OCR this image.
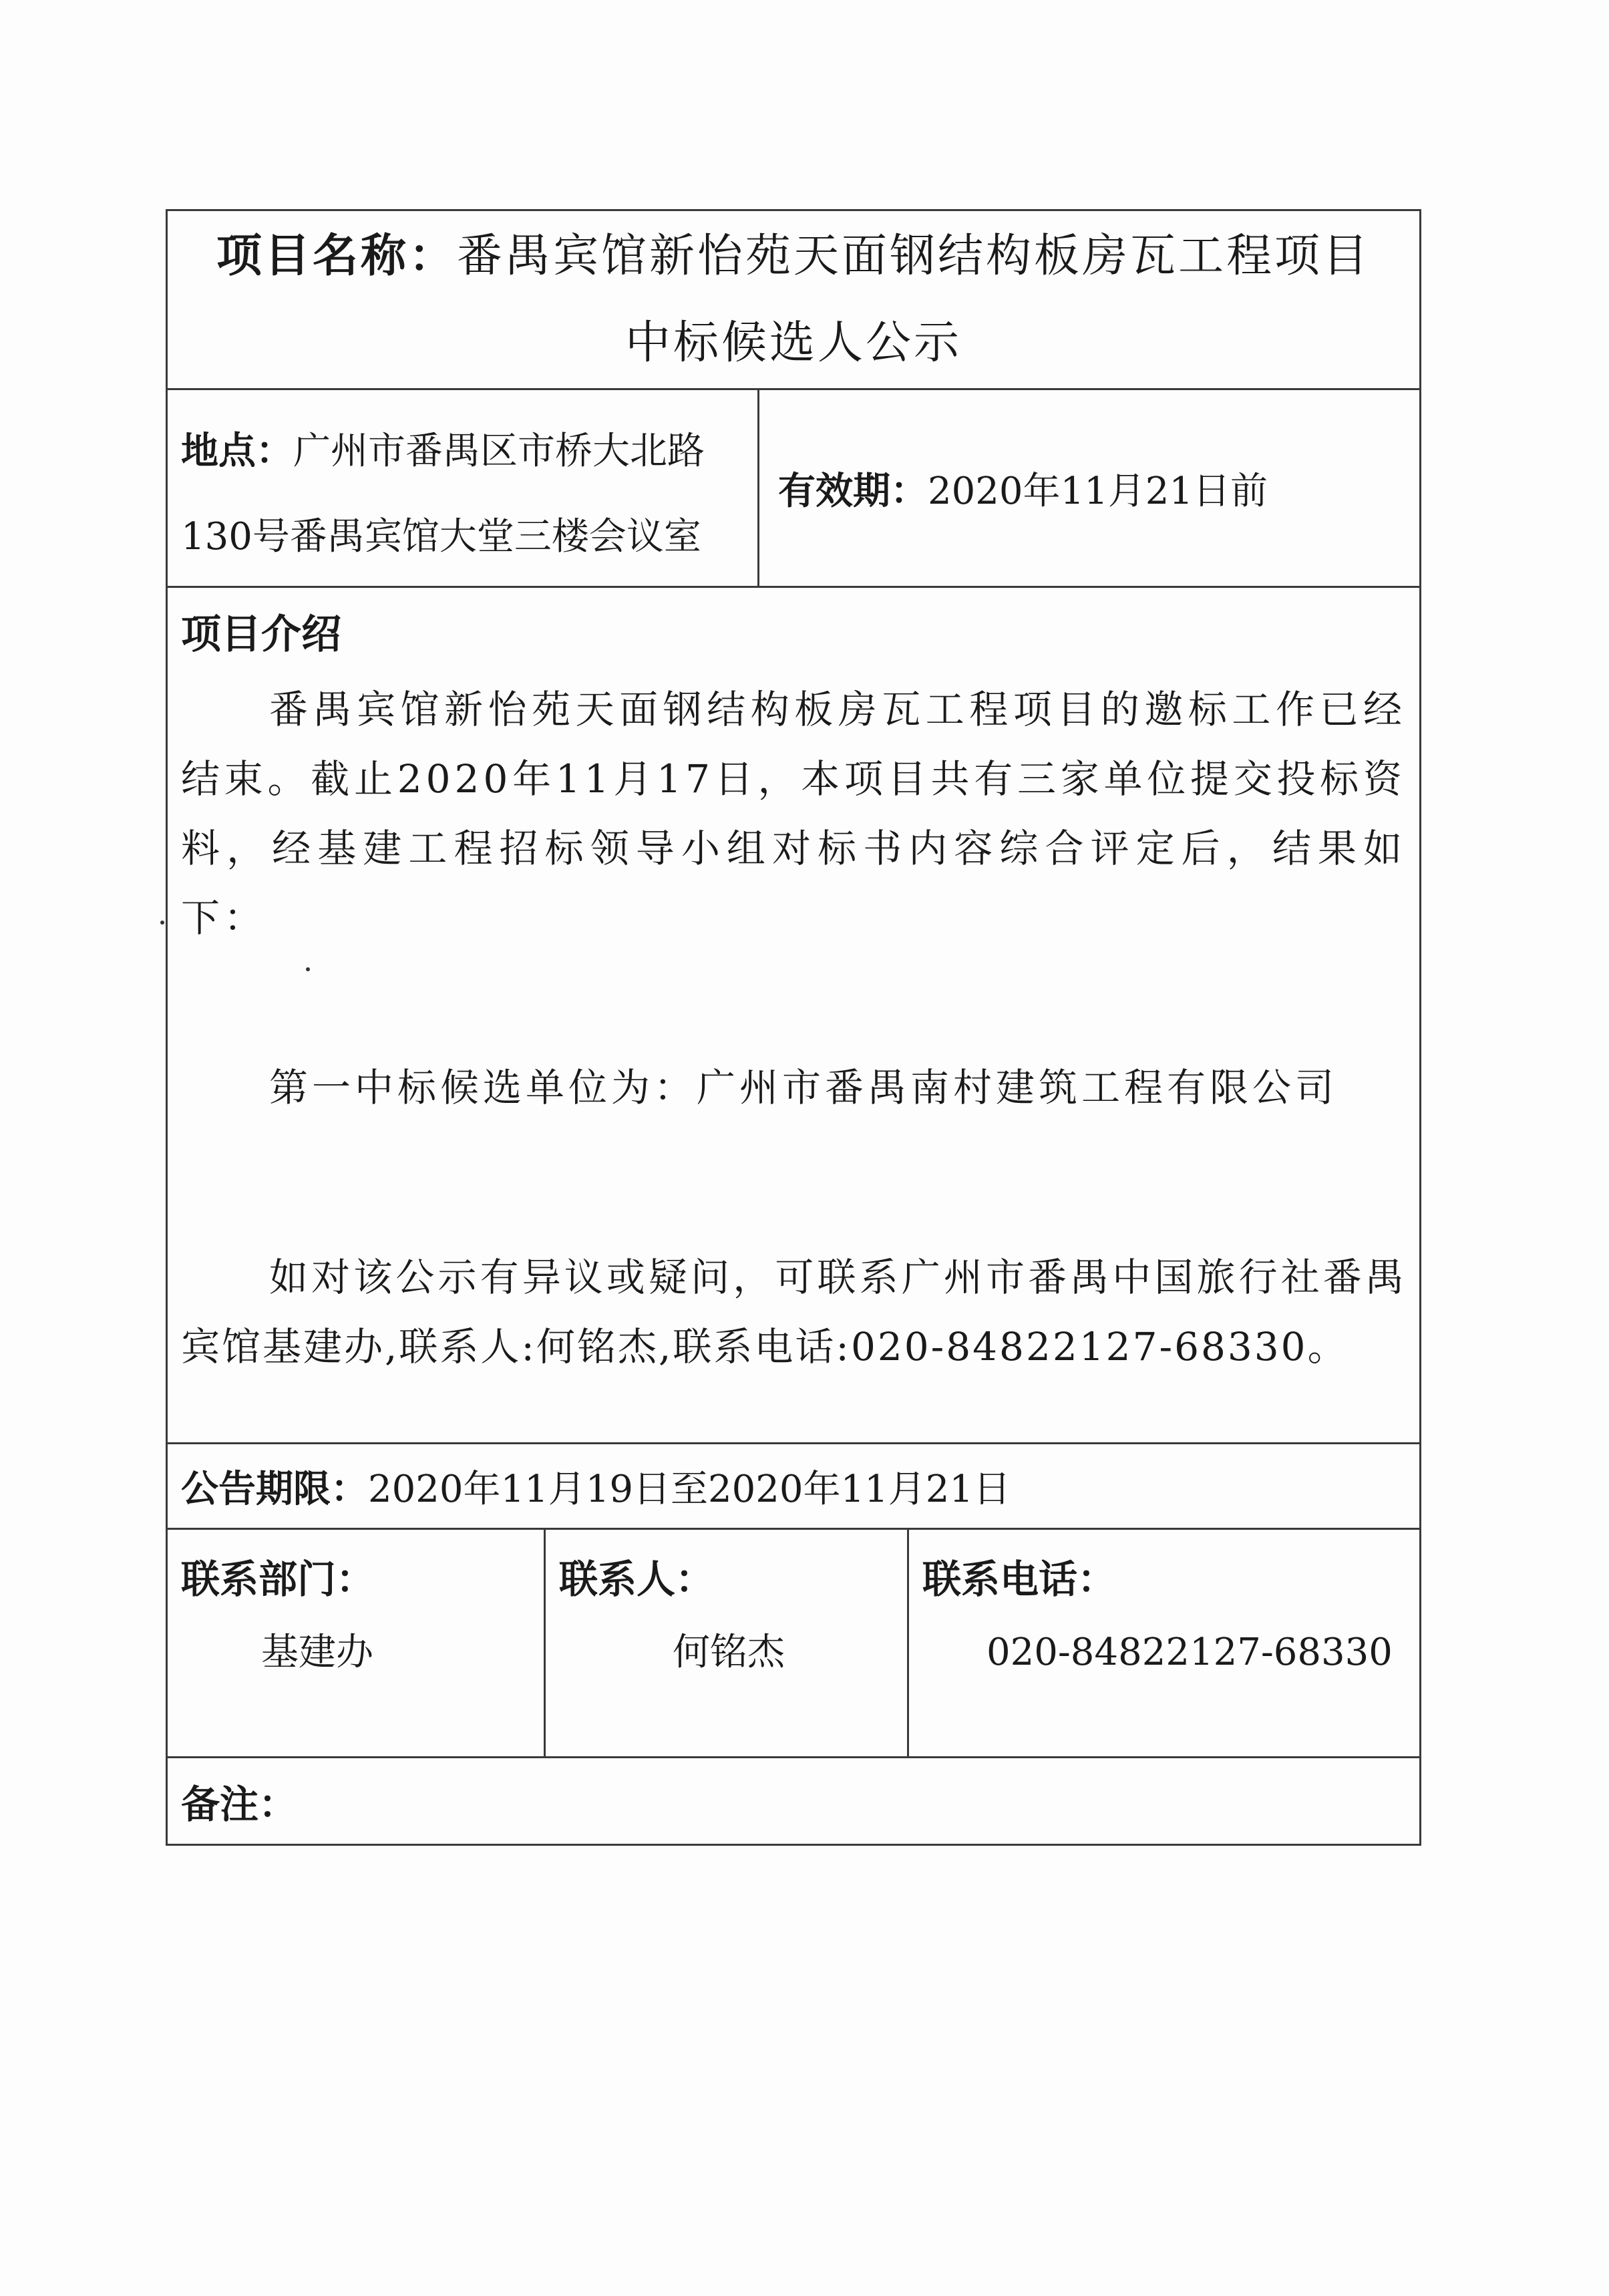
项目名称：番禺宾馆新怡苑天面钢结构板房瓦工程项目中标候选人公示
地点：广州市番禺区市桥大北路
130号番禺宾馆大堂三楼会议室
有效期： 2020年11月21日前
项目介绍

番禺宾馆新怡苑天面钢结构板房瓦工程项目的邀标工作已经结束。截止2020年11月17日，本项目共有三家单位提交投标资料，经基建工程招标领导小组对标书内容综合评定后，结果如下：

第一中标候选单位为：广州市番禺南村建筑工程有限公司

如对该公示有异议或疑问，可联系广州市番禺中国旅行社番禺宾馆基建办,联系人:何铭杰,联系电话:020-84822127-68330。

公告期限： 2020年11月19日至2020年11月21日
联系部门：
基建办
联系人：
何铭杰
联系电话：
020-84822127-68330
备注：
